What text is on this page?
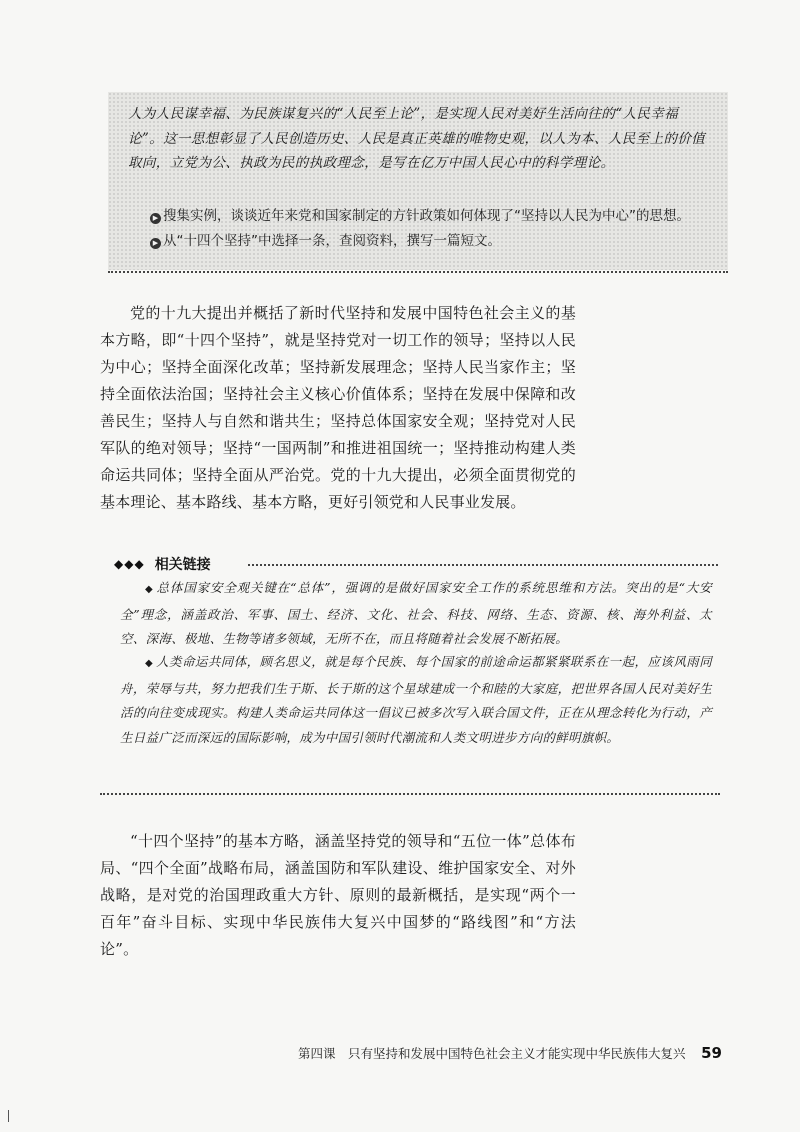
人为人民谋幸福、为民族谋复兴的“人民至上论”，是实现人民对美好生活向往的“人民幸福论”。这一思想彰显了人民创造历史、人民是真正英雄的唯物史观，以人为本、人民至上的价值取向，立党为公、执政为民的执政理念，是写在亿万中国人民心中的科学理论。
▶ 搜集实例，谈谈近年来党和国家制定的方针政策如何体现了“坚持以人民为中心”的思想。
▶ 从“十四个坚持”中选择一条，查阅资料，撰写一篇短文。
党的十九大提出并概括了新时代坚持和发展中国特色社会主义的基本方略，即“十四个坚持”，就是坚持党对一切工作的领导；坚持以人民为中心；坚持全面深化改革；坚持新发展理念；坚持人民当家作主；坚持全面依法治国；坚持社会主义核心价值体系；坚持在发展中保障和改善民生；坚持人与自然和谐共生；坚持总体国家安全观；坚持党对人民军队的绝对领导；坚持“一国两制”和推进祖国统一；坚持推动构建人类命运共同体；坚持全面从严治党。党的十九大提出，必须全面贯彻党的基本理论、基本路线、基本方略，更好引领党和人民事业发展。
◆◆◆ 相关链接
◆ 总体国家安全观关键在“总体”，强调的是做好国家安全工作的系统思维和方法。突出的是“大安全”理念，涵盖政治、军事、国土、经济、文化、社会、科技、网络、生态、资源、核、海外利益、太空、深海、极地、生物等诸多领域，无所不在，而且将随着社会发展不断拓展。
◆ 人类命运共同体，顾名思义，就是每个民族、每个国家的前途命运都紧紧联系在一起，应该风雨同舟，荣辱与共，努力把我们生于斯、长于斯的这个星球建成一个和睦的大家庭，把世界各国人民对美好生活的向往变成现实。构建人类命运共同体这一倡议已被多次写入联合国文件，正在从理念转化为行动，产生日益广泛而深远的国际影响，成为中国引领时代潮流和人类文明进步方向的鲜明旗帜。
“十四个坚持”的基本方略，涵盖坚持党的领导和“五位一体”总体布局、“四个全面”战略布局，涵盖国防和军队建设、维护国家安全、对外战略，是对党的治国理政重大方针、原则的最新概括，是实现“两个一百年”奋斗目标、实现中华民族伟大复兴中国梦的“路线图”和“方法论”。
第四课　只有坚持和发展中国特色社会主义才能实现中华民族伟大复兴 59
